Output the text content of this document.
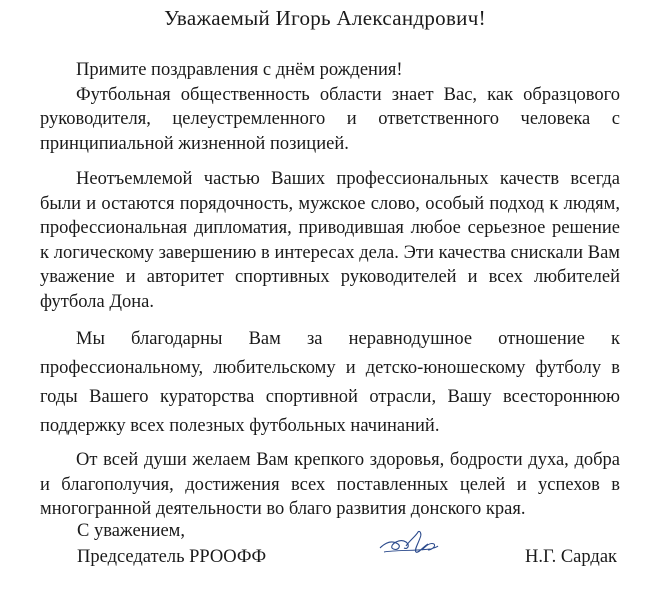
Уважаемый Игорь Александрович!

Примите поздравления с днём рождения!

Футбольная общественность области знает Вас, как образцового руководителя, целеустремленного и ответственного человека с принципиальной жизненной позицией.

Неотъемлемой частью Ваших профессиональных качеств всегда были и остаются порядочность, мужское слово, особый подход к людям, профессиональная дипломатия, приводившая любое серьезное решение к логическому завершению в интересах дела. Эти качества снискали Вам уважение и авторитет спортивных руководителей и всех любителей футбола Дона.

Мы благодарны Вам за неравнодушное отношение к профессиональному, любительскому и детско-юношескому футболу в годы Вашего кураторства спортивной отрасли, Вашу всестороннюю поддержку всех полезных футбольных начинаний.

От всей души желаем Вам крепкого здоровья, бодрости духа, добра и благополучия, достижения всех поставленных целей и успехов в многогранной деятельности во благо развития донского края.

С уважением,
Председатель РРООФФ	Н.Г. Сардак
